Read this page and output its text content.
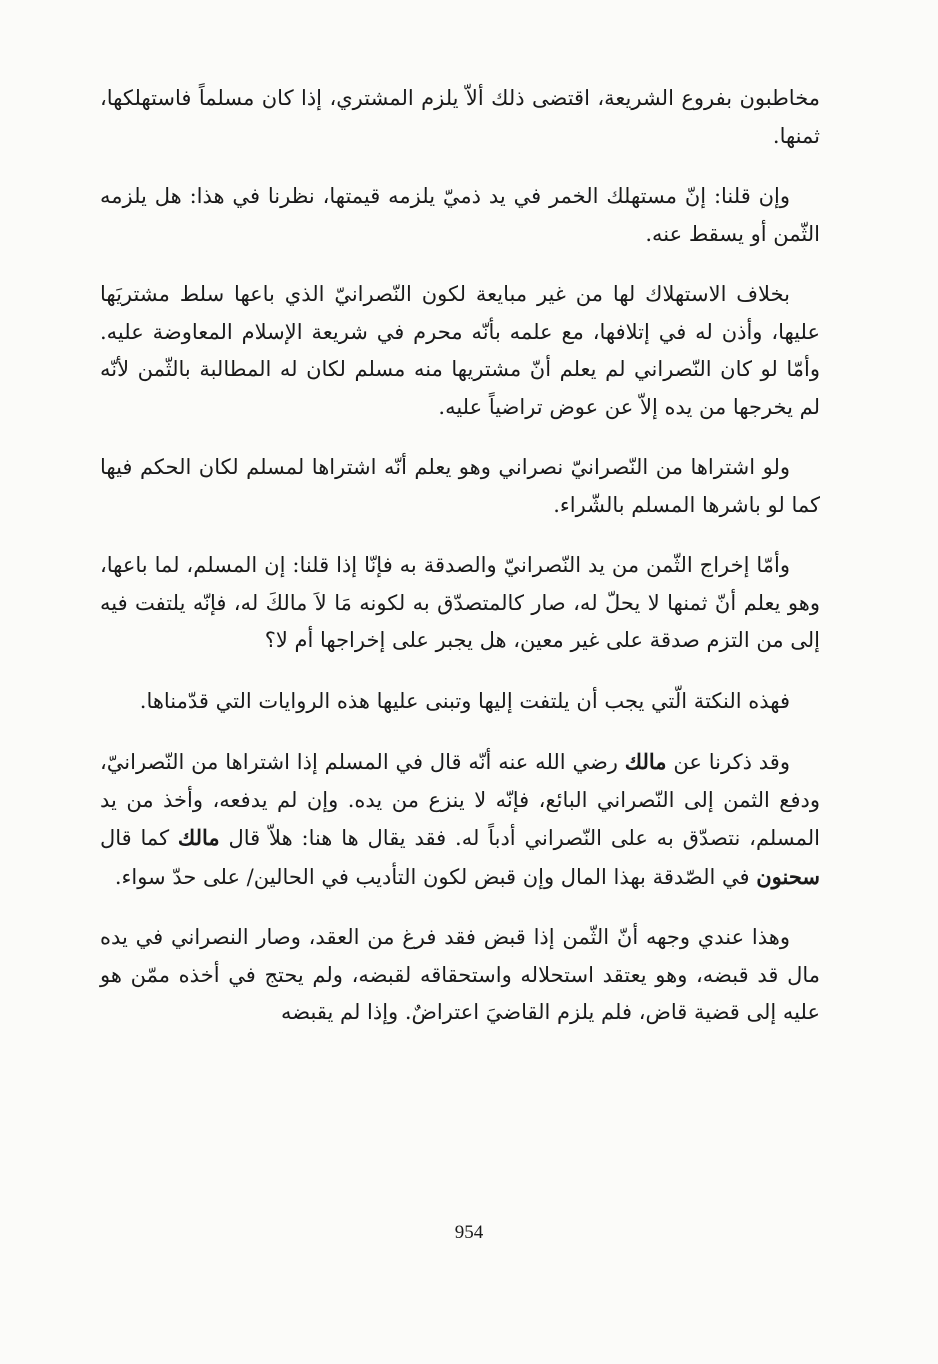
مخاطبون بفروع الشريعة، اقتضى ذلك ألاّ يلزم المشتري، إذا كان مسلماً فاستهلكها، ثمنها.

وإن قلنا: إنّ مستهلك الخمر في يد ذميّ يلزمه قيمتها، نظرنا في هذا: هل يلزمه الثّمن أو يسقط عنه.

بخلاف الاستهلاك لها من غير مبايعة لكون النّصرانيّ الذي باعها سلط مشتريَها عليها، وأذن له في إتلافها، مع علمه بأنّه محرم في شريعة الإسلام المعاوضة عليه. وأمّا لو كان النّصراني لم يعلم أنّ مشتريها منه مسلم لكان له المطالبة بالثّمن لأنّه لم يخرجها من يده إلاّ عن عوض تراضياً عليه.

ولو اشتراها من النّصرانيّ نصراني وهو يعلم أنّه اشتراها لمسلم لكان الحكم فيها كما لو باشرها المسلم بالشّراء.

وأمّا إخراج الثّمن من يد النّصرانيّ والصدقة به فإنّا إذا قلنا: إن المسلم، لما باعها، وهو يعلم أنّ ثمنها لا يحلّ له، صار كالمتصدّق به لكونه مَا لاَ مالكَ له، فإنّه يلتفت فيه إلى من التزم صدقة على غير معين، هل يجبر على إخراجها أم لا؟

فهذه النكتة الّتي يجب أن يلتفت إليها وتبنى عليها هذه الروايات التي قدّمناها.

وقد ذكرنا عن مالك رضي الله عنه أنّه قال في المسلم إذا اشتراها من النّصرانيّ، ودفع الثمن إلى النّصراني البائع، فإنّه لا ينزع من يده. وإن لم يدفعه، وأخذ من يد المسلم، نتصدّق به على النّصراني أدباً له. فقد يقال ها هنا: هلاّ قال مالك كما قال سحنون في الصّدقة بهذا المال وإن قبض لكون التأديب في الحالين/ على حدّ سواء.

وهذا عندي وجهه أنّ الثّمن إذا قبض فقد فرغ من العقد، وصار النصراني في يده مال قد قبضه، وهو يعتقد استحلاله واستحقاقه لقبضه، ولم يحتج في أخذه ممّن هو عليه إلى قضية قاض، فلم يلزم القاضيَ اعتراضٌ. وإذا لم يقبضه

954
